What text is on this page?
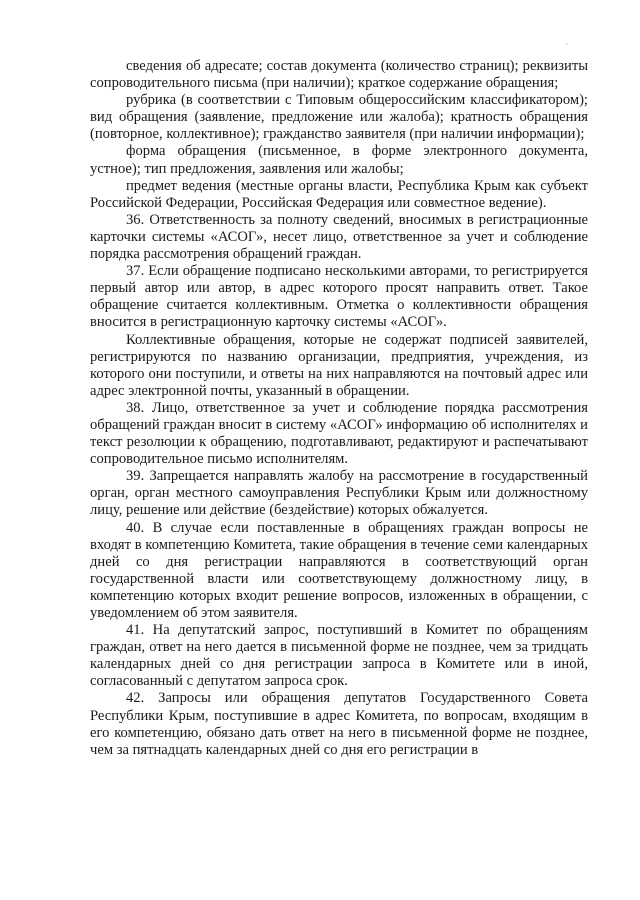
·

сведения об адресате; состав документа (количество страниц); реквизиты сопроводительного письма (при наличии); краткое содержание обращения;

рубрика (в соответствии с Типовым общероссийским классификатором); вид обращения (заявление, предложение или жалоба); кратность обращения (повторное, коллективное); гражданство заявителя (при наличии информации);

форма обращения (письменное, в форме электронного документа, устное); тип предложения, заявления или жалобы;

предмет ведения (местные органы власти, Республика Крым как субъект Российской Федерации, Российская Федерация или совместное ведение).

36. Ответственность за полноту сведений, вносимых в регистрационные карточки системы «АСОГ», несет лицо, ответственное за учет и соблюдение порядка рассмотрения обращений граждан.

37. Если обращение подписано несколькими авторами, то регистрируется первый автор или автор, в адрес которого просят направить ответ. Такое обращение считается коллективным. Отметка о коллективности обращения вносится в регистрационную карточку системы «АСОГ».

Коллективные обращения, которые не содержат подписей заявителей, регистрируются по названию организации, предприятия, учреждения, из которого они поступили, и ответы на них направляются на почтовый адрес или адрес электронной почты, указанный в обращении.

38. Лицо, ответственное за учет и соблюдение порядка рассмотрения обращений граждан вносит в систему «АСОГ» информацию об исполнителях и текст резолюции к обращению, подготавливают, редактируют и распечатывают сопроводительное письмо исполнителям.

39. Запрещается направлять жалобу на рассмотрение в государственный орган, орган местного самоуправления Республики Крым или должностному лицу, решение или действие (бездействие) которых обжалуется.

40. В случае если поставленные в обращениях граждан вопросы не входят в компетенцию Комитета, такие обращения в течение семи календарных дней со дня регистрации направляются в соответствующий орган государственной власти или соответствующему должностному лицу, в компетенцию которых входит решение вопросов, изложенных в обращении, с уведомлением об этом заявителя.

41. На депутатский запрос, поступивший в Комитет по обращениям граждан, ответ на него дается в письменной форме не позднее, чем за тридцать календарных дней со дня регистрации запроса в Комитете или в иной, согласованный с депутатом запроса срок.

42. Запросы или обращения депутатов Государственного Совета Республики Крым, поступившие в адрес Комитета, по вопросам, входящим в его компетенцию, обязано дать ответ на него в письменной форме не позднее, чем за пятнадцать календарных дней со дня его регистрации в
